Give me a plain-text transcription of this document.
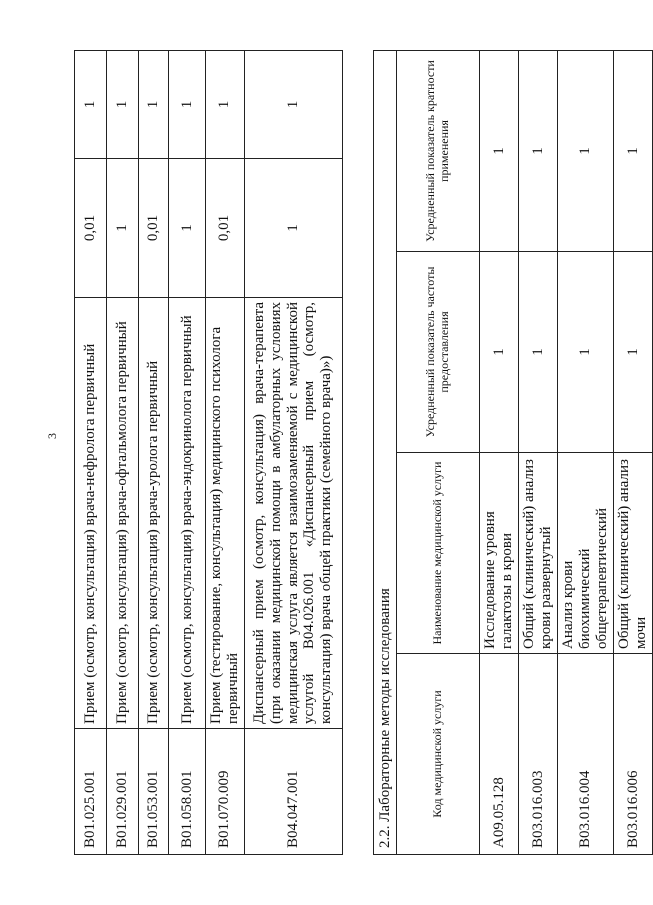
3
B01.025.001	Прием (осмотр, консультация) врача-нефролога первичный	0,01	1
B01.029.001	Прием (осмотр, консультация) врача-офтальмолога первичный	1	1
B01.053.001	Прием (осмотр, консультация) врача-уролога первичный	0,01	1
B01.058.001	Прием (осмотр, консультация) врача-эндокринолога первичный	1	1
B01.070.009	Прием (тестирование, консультация) медицинского психолога первичный	0,01	1
B04.047.001	Диспансерный прием (осмотр, консультация) врача-терапевта (при оказании медицинской помощи в амбулаторных условиях медицинская услуга является взаимозаменяемой с медицинской услугой B04.026.001 «Диспансерный прием (осмотр, консультация) врача общей практики (семейного врача)»)	1	1
2.2. Лабораторные методы исследования			
Код медицинской услуги	Наименование медицинской услуги	Усредненный показатель частоты предоставления	Усредненный показатель кратности применения
A09.05.128	Исследование уровня галактозы в крови	1	1
B03.016.003	Общий (клинический) анализ крови развернутый	1	1
B03.016.004	Анализ крови биохимический общетерапевтический	1	1
B03.016.006	Общий (клинический) анализ мочи	1	1
